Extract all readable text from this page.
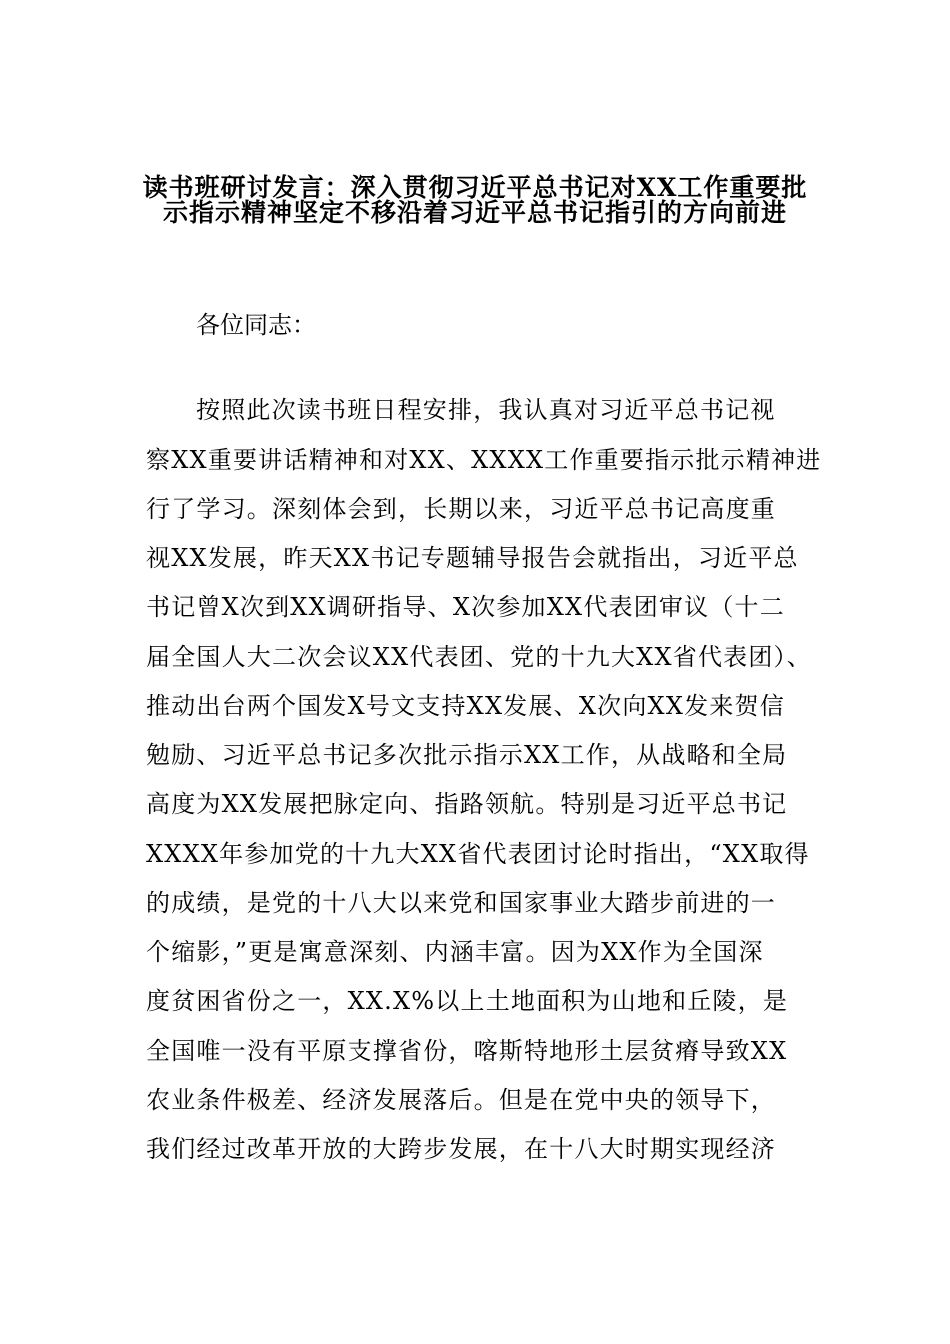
读书班研讨发言：深入贯彻习近平总书记对XX工作重要批
示指示精神坚定不移沿着习近平总书记指引的方向前进
各位同志：
按照此次读书班日程安排，我认真对习近平总书记视
察XX重要讲话精神和对XX、XXXX工作重要指示批示精神进
行了学习。深刻体会到，长期以来，习近平总书记高度重
视XX发展，昨天XX书记专题辅导报告会就指出，习近平总
书记曾X次到XX调研指导、X次参加XX代表团审议（十二
届全国人大二次会议XX代表团、党的十九大XX省代表团）、
推动出台两个国发X号文支持XX发展、X次向XX发来贺信
勉励、习近平总书记多次批示指示XX工作，从战略和全局
高度为XX发展把脉定向、指路领航。特别是习近平总书记
XXXX年参加党的十九大XX省代表团讨论时指出，“XX取得
的成绩，是党的十八大以来党和国家事业大踏步前进的一
个缩影，”更是寓意深刻、内涵丰富。因为XX作为全国深
度贫困省份之一，XX.X%以上土地面积为山地和丘陵，是
全国唯一没有平原支撑省份，喀斯特地形土层贫瘠导致XX
农业条件极差、经济发展落后。但是在党中央的领导下，
我们经过改革开放的大跨步发展，在十八大时期实现经济
